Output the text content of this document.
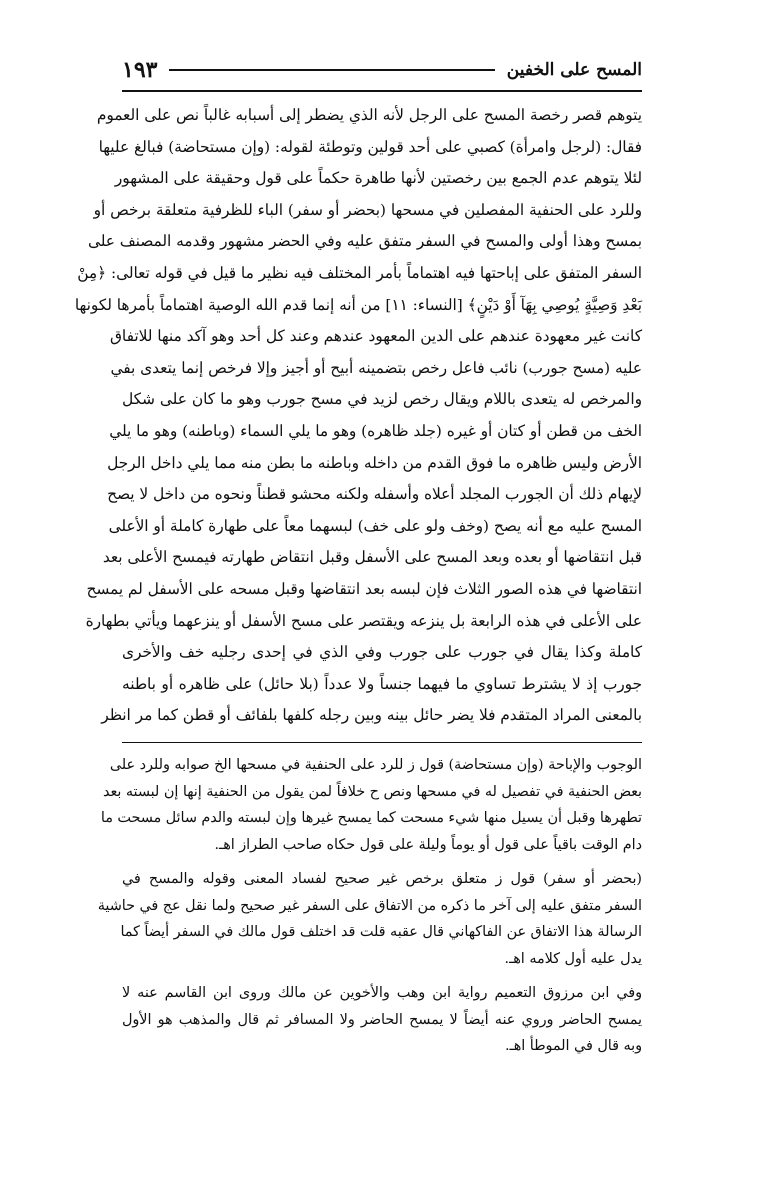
المسح على الخفين
١٩٣
يتوهم قصر رخصة المسح على الرجل لأنه الذي يضطر إلى أسبابه غالباً نص على العموم
فقال: (لرجل وامرأة) كصبي على أحد قولين وتوطئة لقوله: (وإن مستحاضة) فبالغ عليها
لئلا يتوهم عدم الجمع بين رخصتين لأنها طاهرة حكماً على قول وحقيقة على المشهور
وللرد على الحنفية المفصلين في مسحها (بحضر أو سفر) الباء للظرفية متعلقة برخص أو
بمسح وهذا أولى والمسح في السفر متفق عليه وفي الحضر مشهور وقدمه المصنف على
السفر المتفق على إباحتها فيه اهتماماً بأمر المختلف فيه نظير ما قيل في قوله تعالى: ﴿مِنْ
بَعْدِ وَصِيَّةٍ يُوصِي بِهَآ أَوْ دَيْنٍ﴾ [النساء: ١١] من أنه إنما قدم الله الوصية اهتماماً بأمرها لكونها
كانت غير معهودة عندهم على الدين المعهود عندهم وعند كل أحد وهو آكد منها للاتفاق
عليه (مسح جورب) نائب فاعل رخص بتضمينه أبيح أو أجيز وإلا فرخص إنما يتعدى بفي
والمرخص له يتعدى باللام ويقال رخص لزيد في مسح جورب وهو ما كان على شكل
الخف من قطن أو كتان أو غيره (جلد ظاهره) وهو ما يلي السماء (وباطنه) وهو ما يلي
الأرض وليس ظاهره ما فوق القدم من داخله وباطنه ما بطن منه مما يلي داخل الرجل
لإيهام ذلك أن الجورب المجلد أعلاه وأسفله ولكنه محشو قطناً ونحوه من داخل لا يصح
المسح عليه مع أنه يصح (وخف ولو على خف) لبسهما معاً على طهارة كاملة أو الأعلى
قبل انتقاضها أو بعده وبعد المسح على الأسفل وقبل انتقاض طهارته فيمسح الأعلى بعد
انتقاضها في هذه الصور الثلاث فإن لبسه بعد انتقاضها وقبل مسحه على الأسفل لم يمسح
على الأعلى في هذه الرابعة بل ينزعه ويقتصر على مسح الأسفل أو ينزعهما ويأتي بطهارة
كاملة وكذا يقال في جورب على جورب وفي الذي في إحدى رجليه خف والأخرى
جورب إذ لا يشترط تساوي ما فيهما جنساً ولا عدداً (بلا حائل) على ظاهره أو باطنه
بالمعنى المراد المتقدم فلا يضر حائل بينه وبين رجله كلفها بلفائف أو قطن كما مر انظر
الوجوب والإباحة (وإن مستحاضة) قول ز للرد على الحنفية في مسحها الخ صوابه وللرد على
بعض الحنفية في تفصيل له في مسحها ونص ح خلافاً لمن يقول من الحنفية إنها إن لبسته بعد
تطهرها وقبل أن يسيل منها شيء مسحت كما يمسح غيرها وإن لبسته والدم سائل مسحت ما
دام الوقت باقياً على قول أو يوماً وليلة على قول حكاه صاحب الطراز اهـ.
(بحضر أو سفر) قول ز متعلق برخص غير صحيح لفساد المعنى وقوله والمسح في
السفر متفق عليه إلى آخر ما ذكره من الاتفاق على السفر غير صحيح ولما نقل عج في حاشية
الرسالة هذا الاتفاق عن الفاكهاني قال عقبه قلت قد اختلف قول مالك في السفر أيضاً كما
يدل عليه أول كلامه اهـ.
وفي ابن مرزوق التعميم رواية ابن وهب والأخوين عن مالك وروى ابن القاسم عنه لا
يمسح الحاضر وروي عنه أيضاً لا يمسح الحاضر ولا المسافر ثم قال والمذهب هو الأول
وبه قال في الموطأ اهـ.
